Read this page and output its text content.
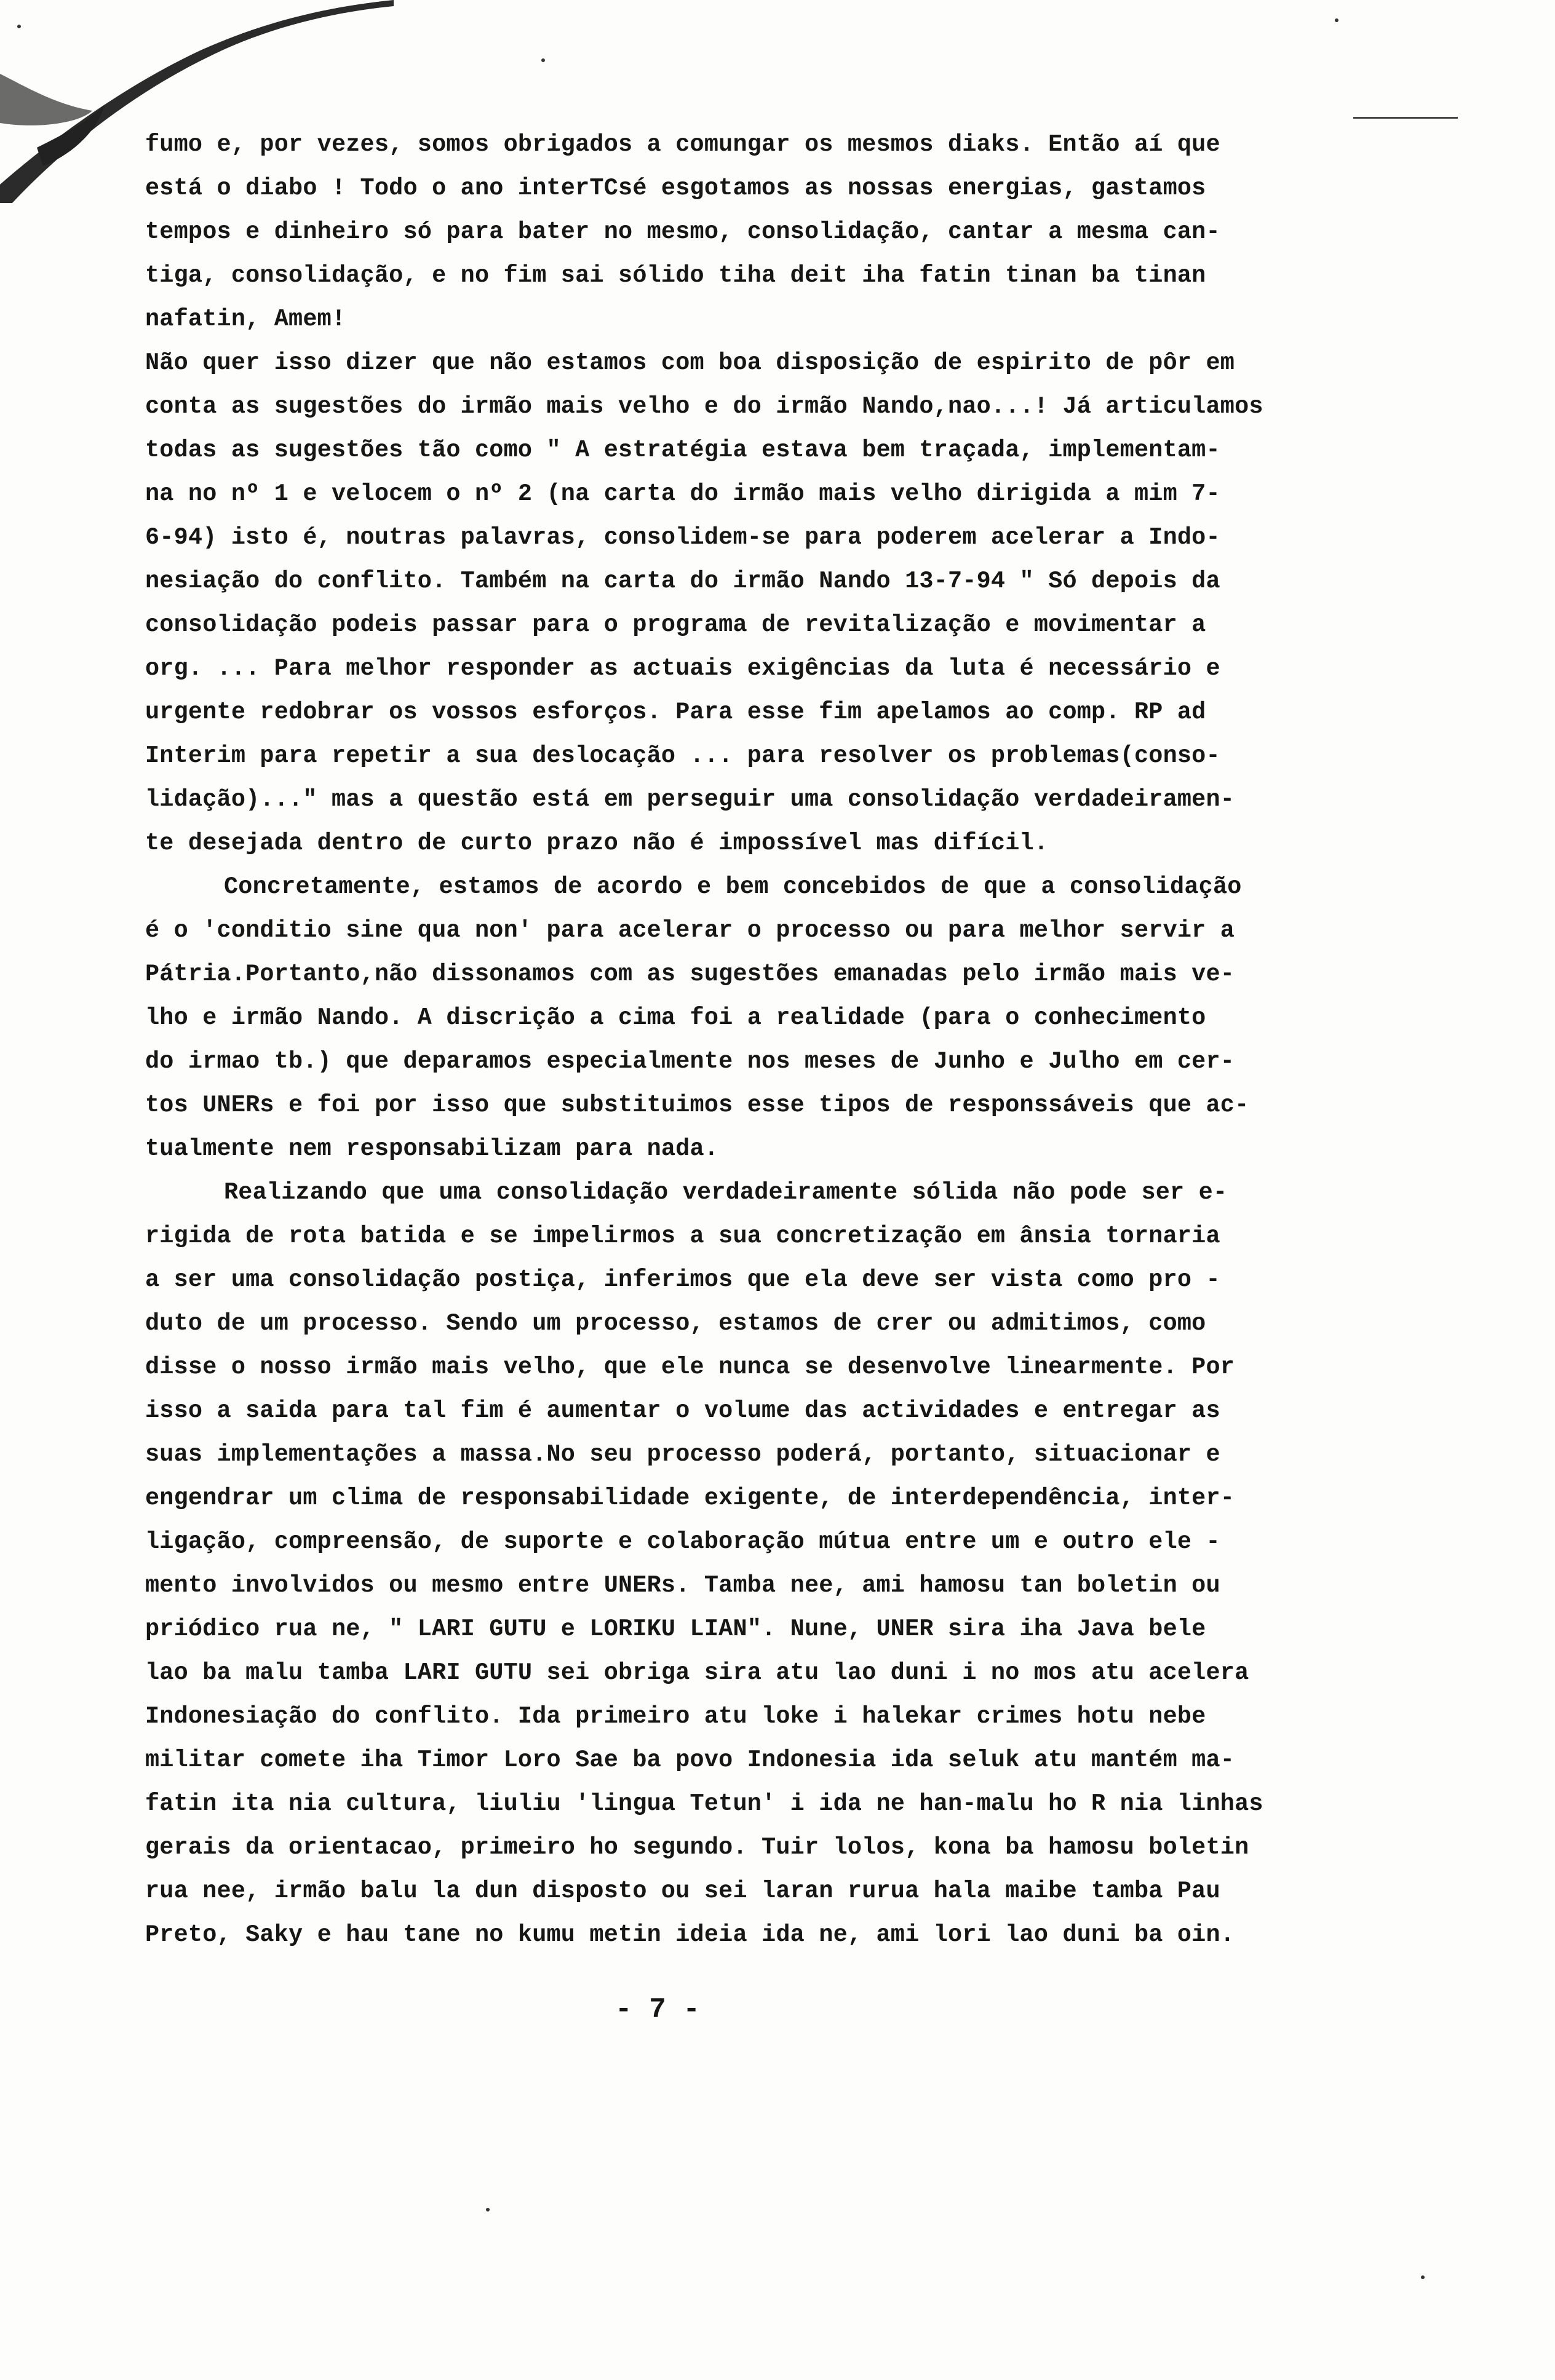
fumo e, por vezes, somos obrigados a comungar os mesmos diaks. Então aí que
está o diabo ! Todo o ano interTCsé esgotamos as nossas energias, gastamos
tempos e dinheiro só para bater no mesmo, consolidação, cantar a mesma can-
tiga, consolidação, e no fim sai sólido tiha deit iha fatin tinan ba tinan
nafatin, Amem!
Não quer isso dizer que não estamos com boa disposição de espirito de pôr em
conta as sugestões do irmão mais velho e do irmão Nando,nao...! Já articulamos
todas as sugestões tão como " A estratégia estava bem traçada, implementam-
na no nº 1 e velocem o nº 2 (na carta do irmão mais velho dirigida a mim 7-
6-94) isto é, noutras palavras, consolidem-se para poderem acelerar a Indo-
nesiação do conflito. Também na carta do irmão Nando 13-7-94 " Só depois da
consolidação podeis passar para o programa de revitalização e movimentar a
org. ... Para melhor responder as actuais exigências da luta é necessário e
urgente redobrar os vossos esforços. Para esse fim apelamos ao comp. RP ad
Interim para repetir a sua deslocação ... para resolver os problemas(conso-
lidação)..." mas a questão está em perseguir uma consolidação verdadeiramen-
te desejada dentro de curto prazo não é impossível mas difícil.
Concretamente, estamos de acordo e bem concebidos de que a consolidação
é o 'conditio sine qua non' para acelerar o processo ou para melhor servir a
Pátria.Portanto,não dissonamos com as sugestões emanadas pelo irmão mais ve-
lho e irmão Nando. A discrição a cima foi a realidade (para o conhecimento
do irmao tb.) que deparamos especialmente nos meses de Junho e Julho em cer-
tos UNERs e foi por isso que substituimos esse tipos de responssáveis que ac-
tualmente nem responsabilizam para nada.
Realizando que uma consolidação verdadeiramente sólida não pode ser e-
rigida de rota batida e se impelirmos a sua concretização em ânsia tornaria
a ser uma consolidação postiça, inferimos que ela deve ser vista como pro -
duto de um processo. Sendo um processo, estamos de crer ou admitimos, como
disse o nosso irmão mais velho, que ele nunca se desenvolve linearmente. Por
isso a saida para tal fim é aumentar o volume das actividades e entregar as
suas implementações a massa.No seu processo poderá, portanto, situacionar e
engendrar um clima de responsabilidade exigente, de interdependência, inter-
ligação, compreensão, de suporte e colaboração mútua entre um e outro ele -
mento involvidos ou mesmo entre UNERs. Tamba nee, ami hamosu tan boletin ou
priódico rua ne, " LARI GUTU e LORIKU LIAN". Nune, UNER sira iha Java bele
lao ba malu tamba LARI GUTU sei obriga sira atu lao duni i no mos atu acelera
Indonesiação do conflito. Ida primeiro atu loke i halekar crimes hotu nebe
militar comete iha Timor Loro Sae ba povo Indonesia ida seluk atu mantém ma-
fatin ita nia cultura, liuliu 'lingua Tetun' i ida ne han-malu ho R nia linhas
gerais da orientacao, primeiro ho segundo. Tuir lolos, kona ba hamosu boletin
rua nee, irmão balu la dun disposto ou sei laran rurua hala maibe tamba Pau
Preto, Saky e hau tane no kumu metin ideia ida ne, ami lori lao duni ba oin.
- 7 -
